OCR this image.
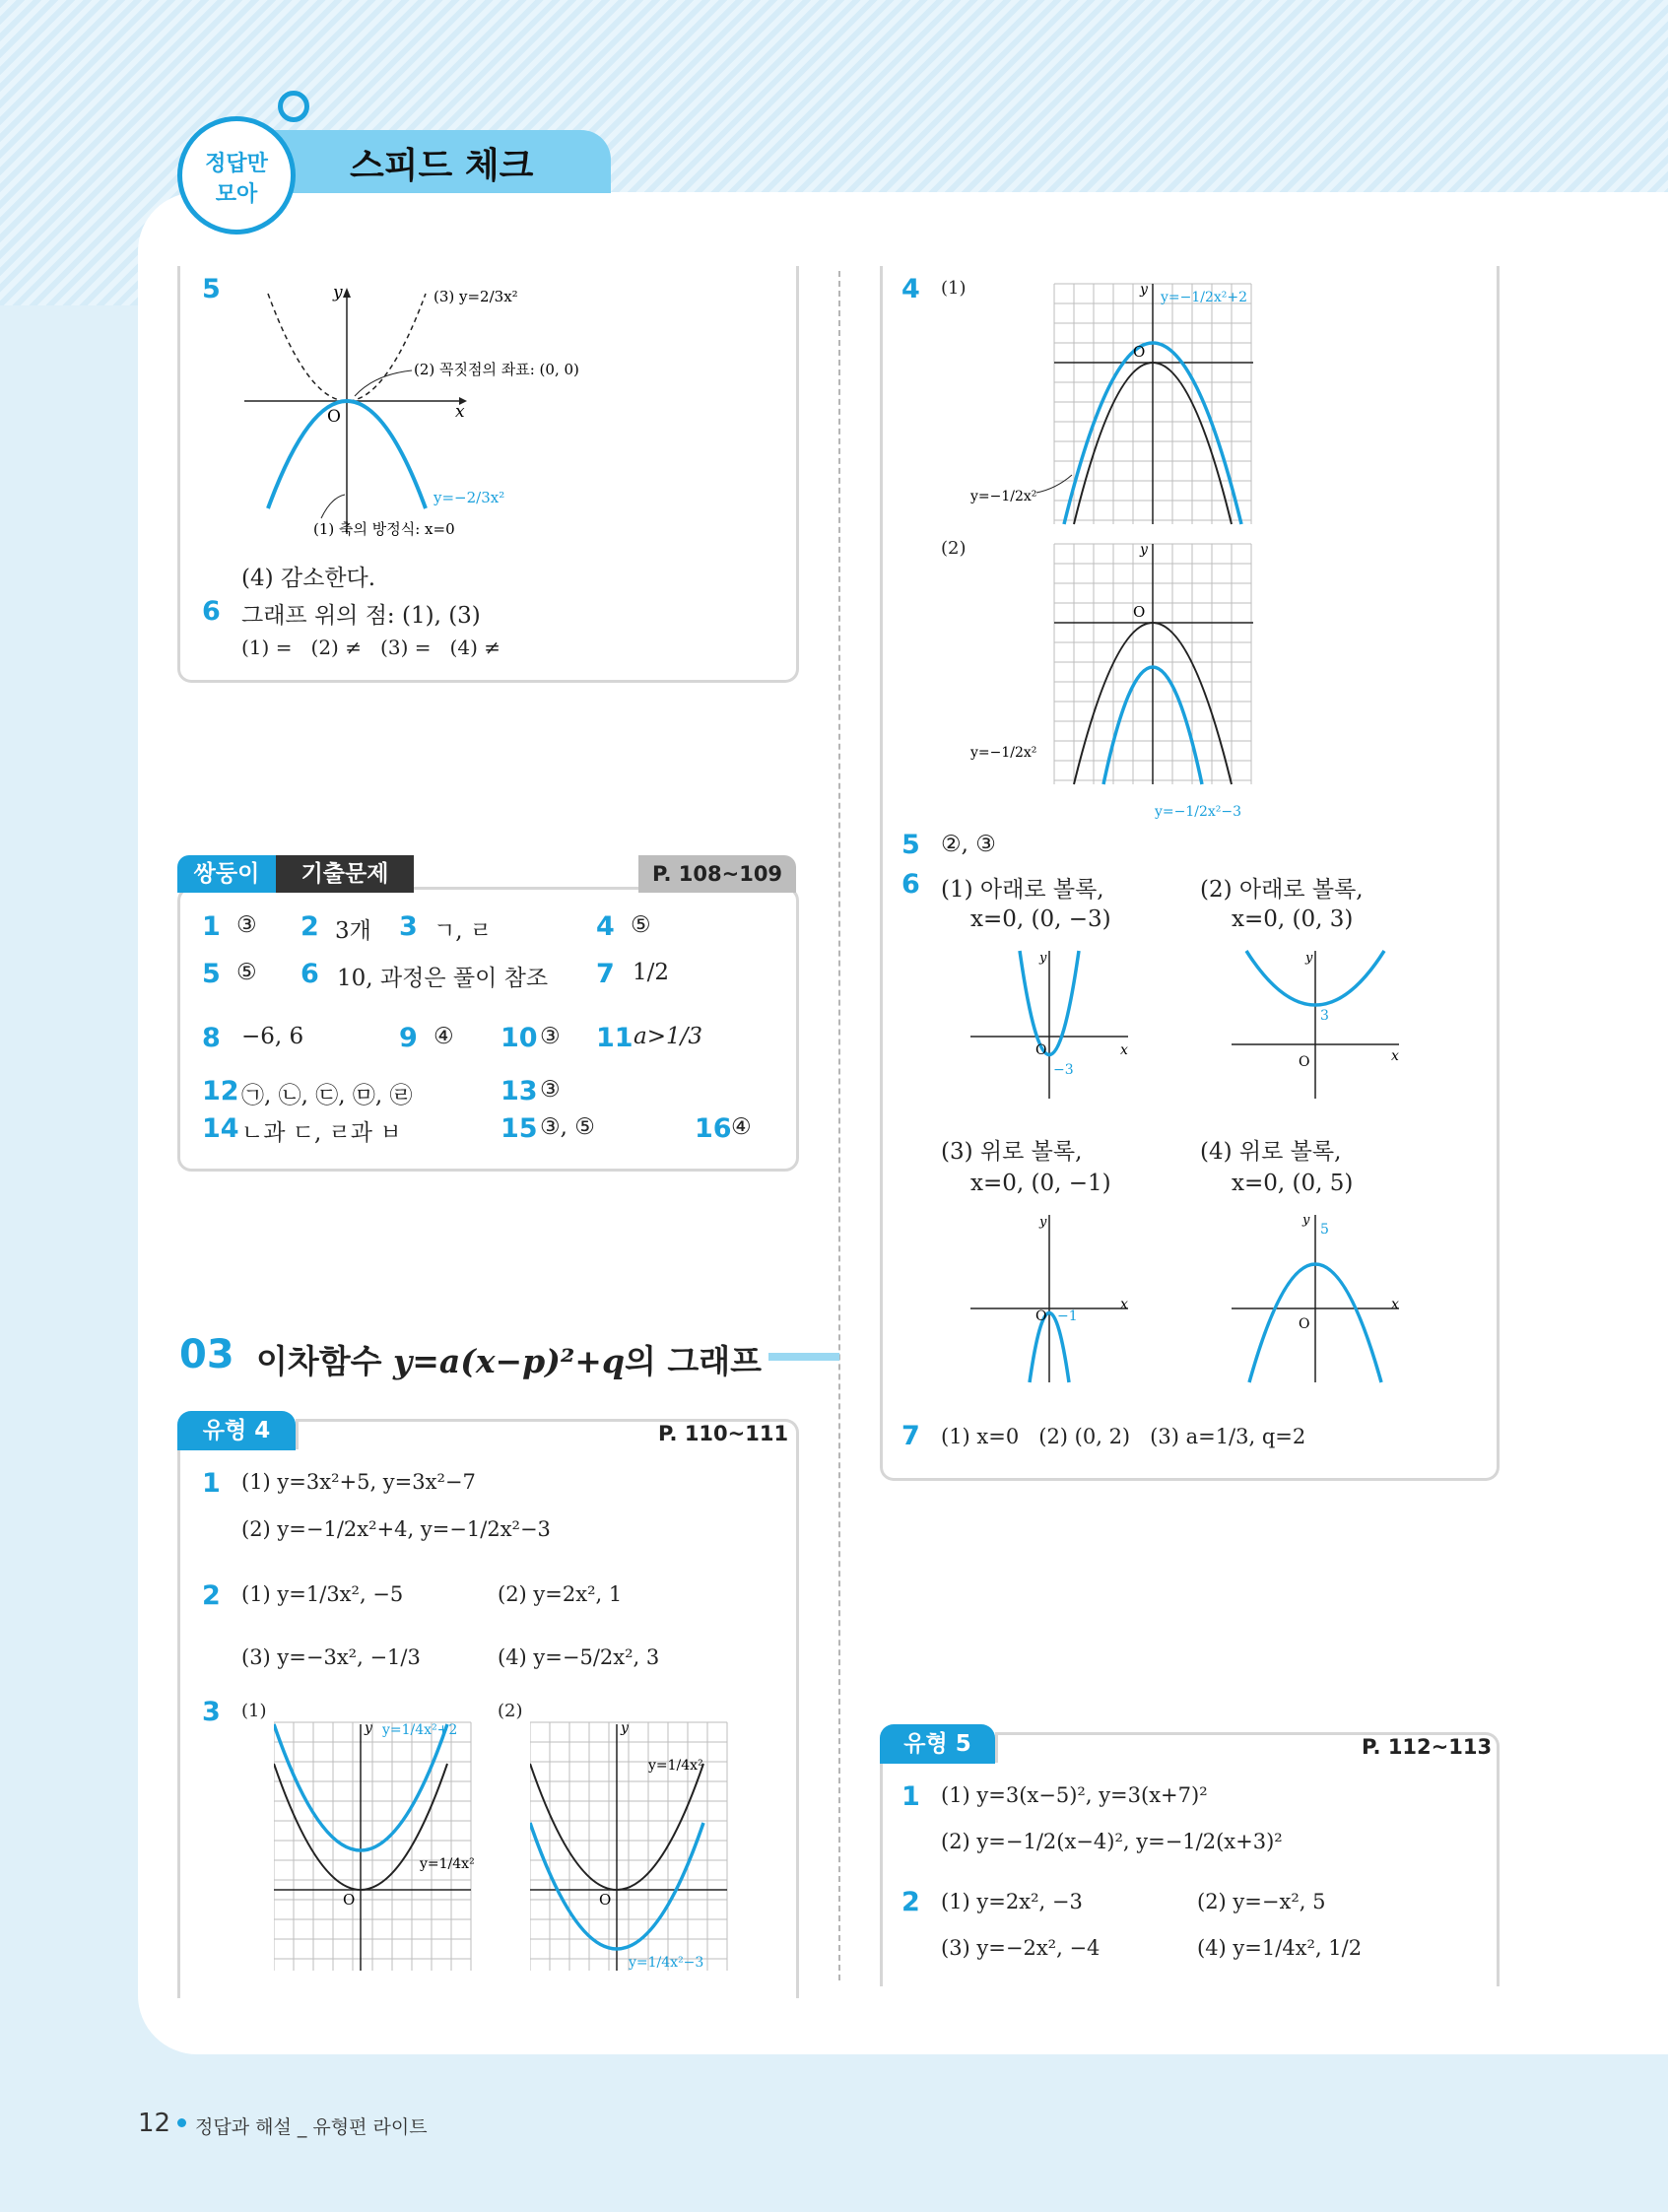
스피드 체크
정답만
모아
5	y
x
O
(3) y=2/3x²
(2) 꼭짓점의 좌표: (0, 0)
y=−2/3x²
(1) 축의 방정식: x=0
(4) 감소한다.
6 그래프 위의 점: (1), (3)
(1) =   (2) ≠   (3) =   (4) ≠
쌍둥이	기출문제	P. 108~109
1 ③ 2 3개 3 ㄱ, ㄹ	4 ⑤
5 ⑤ 6 10, 과정은 풀이 참조 7 1/2
8 −6, 6	9 ④ 10 ③ 11 a>1/3
12 ㉠, ㉡, ㉢, ㉤, ㉣	13 ③
14 ㄴ과 ㄷ, ㄹ과 ㅂ	15 ③, ⑤	16 ④
03 이차함수 y=a(x−p)²+q의 그래프
유형 4	P. 110~111
1 (1) y=3x²+5, y=3x²−7
(2) y=−1/2x²+4, y=−1/2x²−3
2 (1) y=1/3x², −5	(2) y=2x², 1
(3) y=−3x², −1/3	(4) y=−5/2x², 3
3 (1)	(2)
y
O
y=1/4x²+2
y=1/4x²
y
O
y=1/4x²
y=1/4x²−3
4 (1)
(2)
y
O
y=−1/2x²+2
y=−1/2x²
y
O
y=−1/2x²
y=−1/2x²−3
5 ②, ③
6 (1) 아래로 볼록,
x=0, (0, −3)
(2) 아래로 볼록,
x=0, (0, 3)
y
x
O
−3
y
x
O
3
(3) 위로 볼록,
x=0, (0, −1)
(4) 위로 볼록,
x=0, (0, 5)
y
x
O −1
y
x
O
5
7 (1) x=0   (2) (0, 2)   (3) a=1/3, q=2
유형 5	P. 112~113
1 (1) y=3(x−5)², y=3(x+7)²
(2) y=−1/2(x−4)², y=−1/2(x+3)²
2 (1) y=2x², −3	(2) y=−x², 5
(3) y=−2x², −4	(4) y=1/4x², 1/2
12 정답과 해설 _ 유형편 라이트
